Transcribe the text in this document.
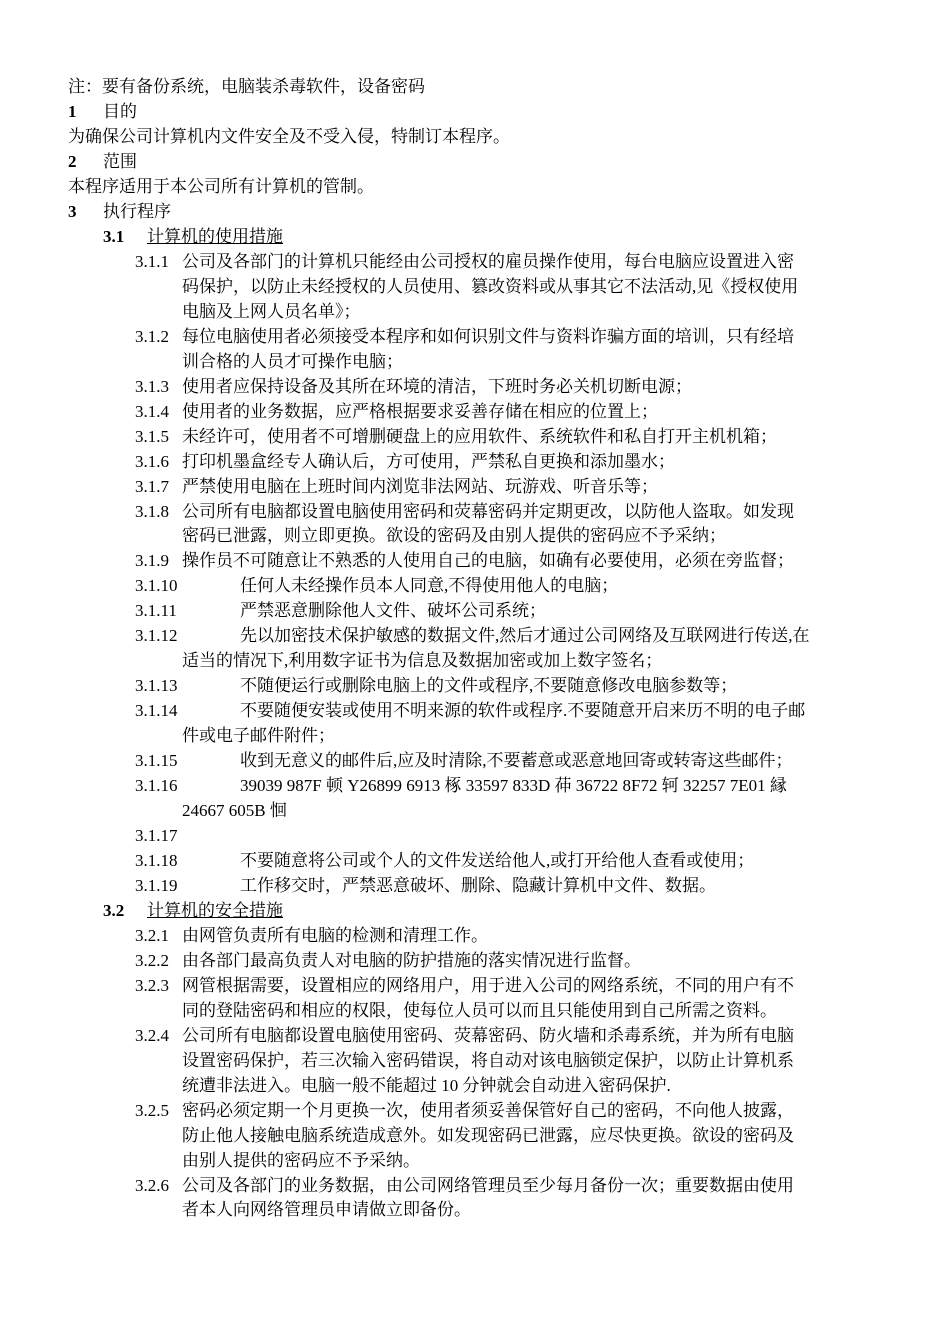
注：要有备份系统，电脑装杀毒软件，设备密码
1 目的
为确保公司计算机内文件安全及不受入侵，特制订本程序。
2 范围
本程序适用于本公司所有计算机的管制。
3 执行程序
3.1 计算机的使用措施
3.1.1 公司及各部门的计算机只能经由公司授权的雇员操作使用，每台电脑应设置进入密
码保护，以防止未经授权的人员使用、篡改资料或从事其它不法活动,见《授权使用
电脑及上网人员名单》；
3.1.2 每位电脑使用者必须接受本程序和如何识别文件与资料诈骗方面的培训，只有经培
训合格的人员才可操作电脑；
3.1.3 使用者应保持设备及其所在环境的清洁，下班时务必关机切断电源；
3.1.4 使用者的业务数据，应严格根据要求妥善存储在相应的位置上；
3.1.5 未经许可，使用者不可增删硬盘上的应用软件、系统软件和私自打开主机机箱；
3.1.6 打印机墨盒经专人确认后，方可使用，严禁私自更换和添加墨水；
3.1.7 严禁使用电脑在上班时间内浏览非法网站、玩游戏、听音乐等；
3.1.8 公司所有电脑都设置电脑使用密码和荧幕密码并定期更改，以防他人盗取。如发现
密码已泄露，则立即更换。欲设的密码及由别人提供的密码应不予采纳；
3.1.9 操作员不可随意让不熟悉的人使用自己的电脑，如确有必要使用，必须在旁监督；
3.1.10	任何人未经操作员本人同意,不得使用他人的电脑；
3.1.11	严禁恶意删除他人文件、破坏公司系统；
3.1.12	先以加密技术保护敏感的数据文件,然后才通过公司网络及互联网进行传送,在
适当的情况下,利用数字证书为信息及数据加密或加上数字签名；
3.1.13	不随便运行或删除电脑上的文件或程序,不要随意修改电脑参数等；
3.1.14	不要随便安装或使用不明来源的软件或程序.不要随意开启来历不明的电子邮
件或电子邮件附件；
3.1.15	收到无意义的邮件后,应及时清除,不要蓄意或恶意地回寄或转寄这些邮件；
3.1.16	39039 987F 顿 Y26899 6913 椓 33597 833D 茽 36722 8F72 轲 32257 7E01 縁
24667 605B 恛
3.1.17
3.1.18	不要随意将公司或个人的文件发送给他人,或打开给他人查看或使用；
3.1.19	工作移交时，严禁恶意破坏、删除、隐藏计算机中文件、数据。
3.2 计算机的安全措施
3.2.1 由网管负责所有电脑的检测和清理工作。
3.2.2 由各部门最高负责人对电脑的防护措施的落实情况进行监督。
3.2.3 网管根据需要，设置相应的网络用户，用于进入公司的网络系统，不同的用户有不
同的登陆密码和相应的权限，使每位人员可以而且只能使用到自己所需之资料。
3.2.4 公司所有电脑都设置电脑使用密码、荧幕密码、防火墙和杀毒系统，并为所有电脑
设置密码保护，若三次输入密码错误，将自动对该电脑锁定保护，以防止计算机系
统遭非法进入。电脑一般不能超过 10 分钟就会自动进入密码保护.
3.2.5 密码必须定期一个月更换一次，使用者须妥善保管好自己的密码，不向他人披露，
防止他人接触电脑系统造成意外。如发现密码已泄露，应尽快更换。欲设的密码及
由别人提供的密码应不予采纳。
3.2.6 公司及各部门的业务数据，由公司网络管理员至少每月备份一次；重要数据由使用
者本人向网络管理员申请做立即备份。
